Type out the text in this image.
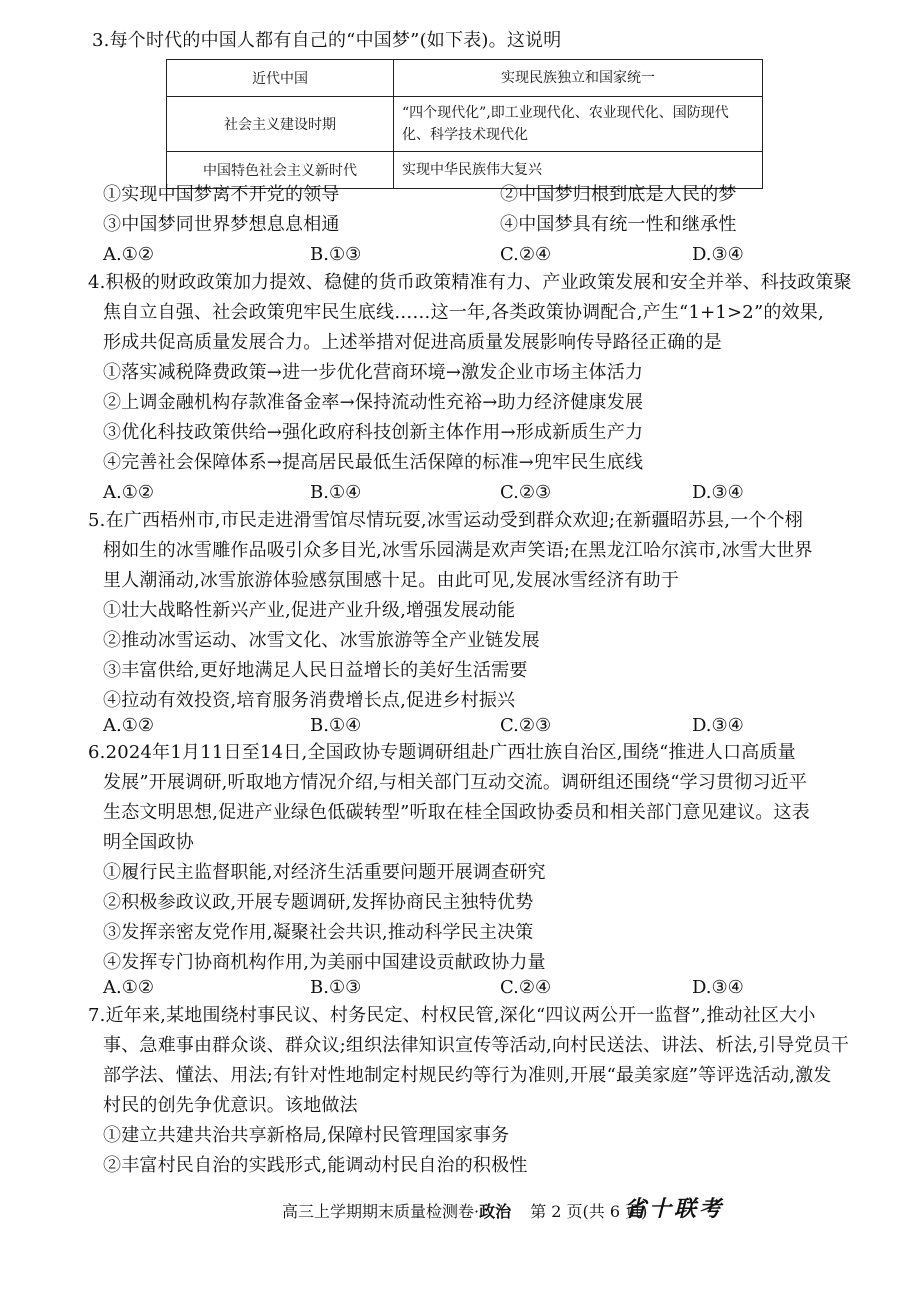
3.每个时代的中国人都有自己的“中国梦”(如下表)。这说明
近代中国	实现民族独立和国家统一
社会主义建设时期	“四个现代化”,即工业现代化、农业现代化、国防现代
化、科学技术现代化

中国特色社会主义新时代	实现中华民族伟大复兴
①实现中国梦离不开党的领导	②中国梦归根到底是人民的梦
③中国梦同世界梦想息息相通	④中国梦具有统一性和继承性
A.①②	B.①③	C.②④	D.③④
4.积极的财政政策加力提效、稳健的货币政策精准有力、产业政策发展和安全并举、科技政策聚
焦自立自强、社会政策兜牢民生底线……这一年,各类政策协调配合,产生“1+1>2”的效果,
形成共促高质量发展合力。上述举措对促进高质量发展影响传导路径正确的是
①落实减税降费政策→进一步优化营商环境→激发企业市场主体活力
②上调金融机构存款准备金率→保持流动性充裕→助力经济健康发展
③优化科技政策供给→强化政府科技创新主体作用→形成新质生产力
④完善社会保障体系→提高居民最低生活保障的标准→兜牢民生底线
A.①②	B.①④	C.②③	D.③④
5.在广西梧州市,市民走进滑雪馆尽情玩耍,冰雪运动受到群众欢迎;在新疆昭苏县,一个个栩
栩如生的冰雪雕作品吸引众多目光,冰雪乐园满是欢声笑语;在黑龙江哈尔滨市,冰雪大世界
里人潮涌动,冰雪旅游体验感氛围感十足。由此可见,发展冰雪经济有助于
①壮大战略性新兴产业,促进产业升级,增强发展动能
②推动冰雪运动、冰雪文化、冰雪旅游等全产业链发展
③丰富供给,更好地满足人民日益增长的美好生活需要
④拉动有效投资,培育服务消费增长点,促进乡村振兴
A.①②	B.①④	C.②③	D.③④
6.2024年1月11日至14日,全国政协专题调研组赴广西壮族自治区,围绕“推进人口高质量
发展”开展调研,听取地方情况介绍,与相关部门互动交流。调研组还围绕“学习贯彻习近平
生态文明思想,促进产业绿色低碳转型”听取在桂全国政协委员和相关部门意见建议。这表
明全国政协
①履行民主监督职能,对经济生活重要问题开展调查研究
②积极参政议政,开展专题调研,发挥协商民主独特优势
③发挥亲密友党作用,凝聚社会共识,推动科学民主决策
④发挥专门协商机构作用,为美丽中国建设贡献政协力量
A.①②	B.①③	C.②④	D.③④
7.近年来,某地围绕村事民议、村务民定、村权民管,深化“四议两公开一监督”,推动社区大小
事、急难事由群众谈、群众议;组织法律知识宣传等活动,向村民送法、讲法、析法,引导党员干
部学法、懂法、用法;有针对性地制定村规民约等行为准则,开展“最美家庭”等评选活动,激发
村民的创先争优意识。该地做法
①建立共建共治共享新格局,保障村民管理国家事务
②丰富村民自治的实践形式,能调动村民自治的积极性
高三上学期期末质量检测卷·政治 第 2 页(共 6 页)
省十联考
